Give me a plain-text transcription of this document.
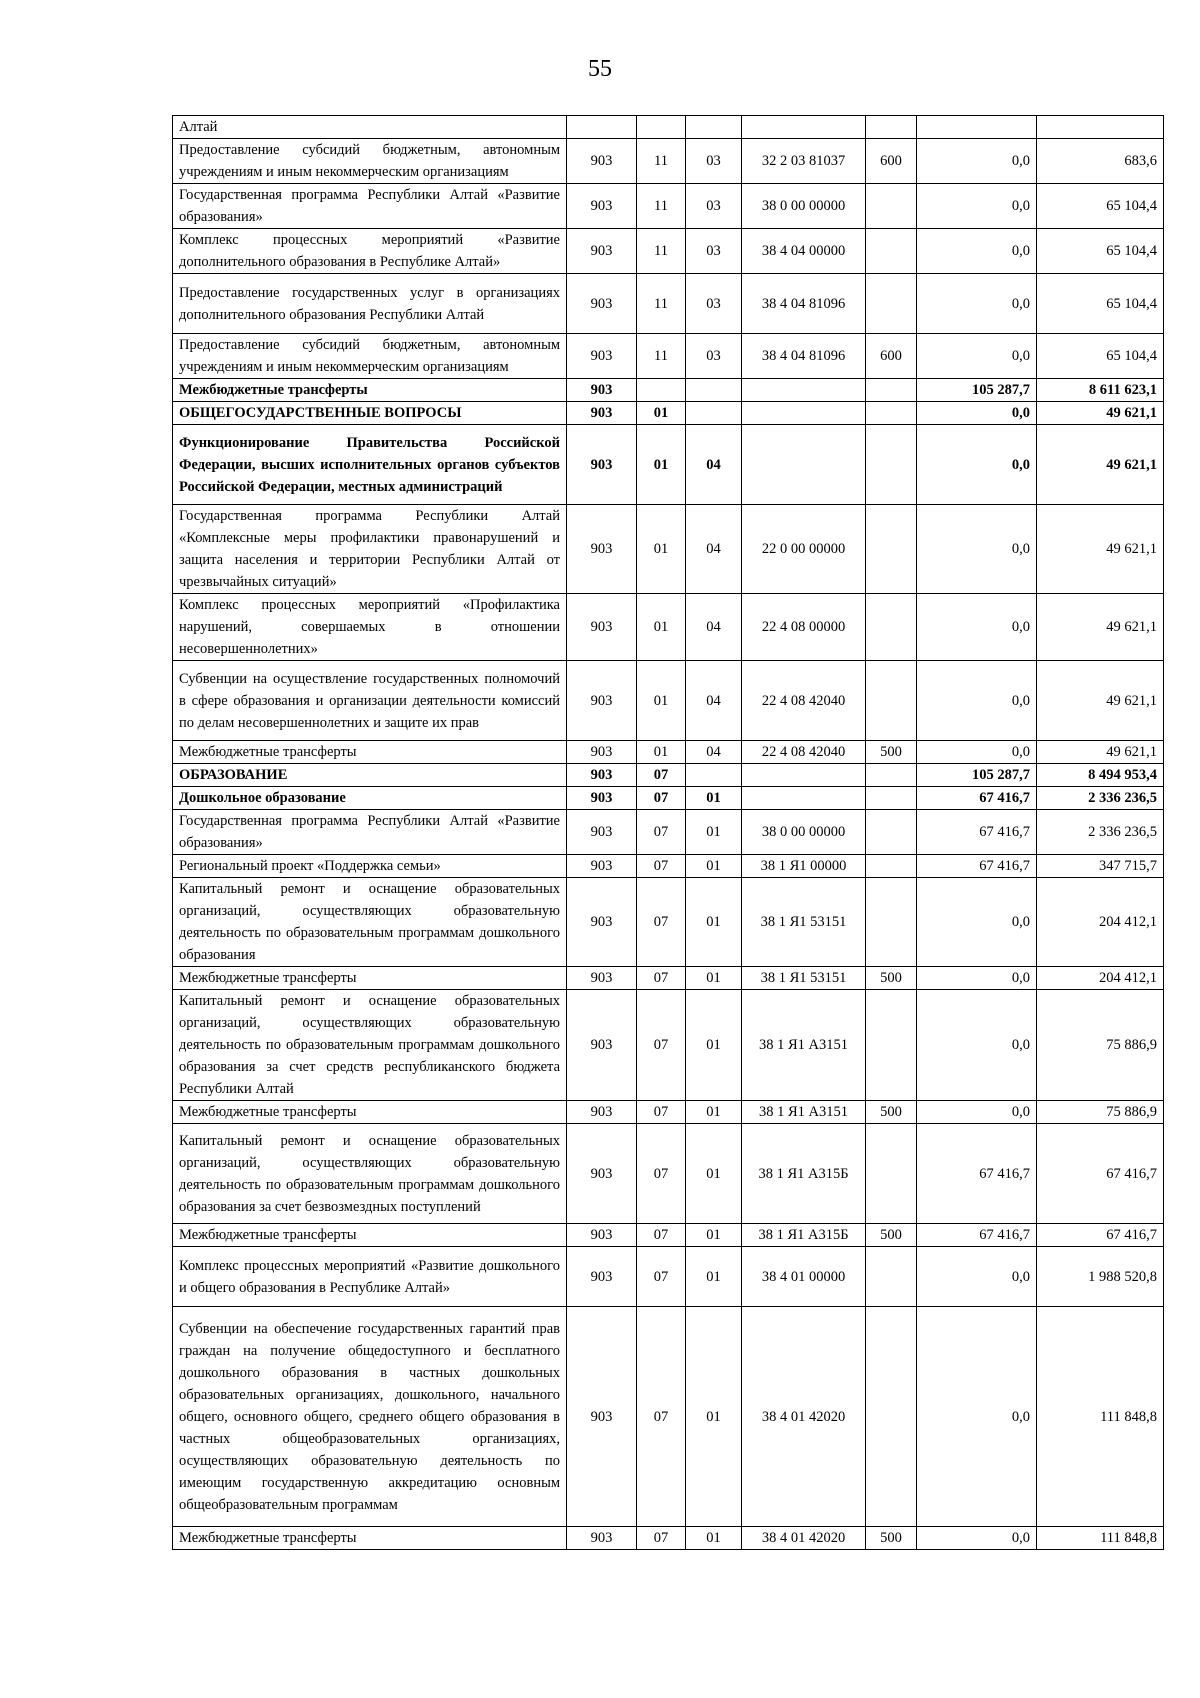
55
Алтай							
Предоставление субсидий бюджетным, автономным учреждениям и иным некоммерческим организациям	903	11	03	32 2 03 81037	600	0,0	683,6
Государственная программа Республики Алтай «Развитие образования»	903	11	03	38 0 00 00000		0,0	65 104,4
Комплекс процессных мероприятий «Развитие дополнительного образования в Республике Алтай»	903	11	03	38 4 04 00000		0,0	65 104,4
Предоставление государственных услуг в организациях дополнительного образования Республики Алтай	903	11	03	38 4 04 81096		0,0	65 104,4
Предоставление субсидий бюджетным, автономным учреждениям и иным некоммерческим организациям	903	11	03	38 4 04 81096	600	0,0	65 104,4
Межбюджетные трансферты	903					105 287,7	8 611 623,1
ОБЩЕГОСУДАРСТВЕННЫЕ ВОПРОСЫ	903	01				0,0	49 621,1
Функционирование Правительства Российской Федерации, высших исполнительных органов субъектов Российской Федерации, местных администраций	903	01	04			0,0	49 621,1
Государственная программа Республики Алтай «Комплексные меры профилактики правонарушений и защита населения и территории Республики Алтай от чрезвычайных ситуаций»	903	01	04	22 0 00 00000		0,0	49 621,1
Комплекс процессных мероприятий «Профилактика нарушений, совершаемых в отношении несовершеннолетних»	903	01	04	22 4 08 00000		0,0	49 621,1
Субвенции на осуществление государственных полномочий в сфере образования и организации деятельности комиссий по делам несовершеннолетних и защите их прав	903	01	04	22 4 08 42040		0,0	49 621,1
Межбюджетные трансферты	903	01	04	22 4 08 42040	500	0,0	49 621,1
ОБРАЗОВАНИЕ	903	07				105 287,7	8 494 953,4
Дошкольное образование	903	07	01			67 416,7	2 336 236,5
Государственная программа Республики Алтай «Развитие образования»	903	07	01	38 0 00 00000		67 416,7	2 336 236,5
Региональный проект «Поддержка семьи»	903	07	01	38 1 Я1 00000		67 416,7	347 715,7
Капитальный ремонт и оснащение образовательных организаций, осуществляющих образовательную деятельность по образовательным программам дошкольного образования	903	07	01	38 1 Я1 53151		0,0	204 412,1
Межбюджетные трансферты	903	07	01	38 1 Я1 53151	500	0,0	204 412,1
Капитальный ремонт и оснащение образовательных организаций, осуществляющих образовательную деятельность по образовательным программам дошкольного образования за счет средств республиканского бюджета Республики Алтай	903	07	01	38 1 Я1 А3151		0,0	75 886,9
Межбюджетные трансферты	903	07	01	38 1 Я1 А3151	500	0,0	75 886,9
Капитальный ремонт и оснащение образовательных организаций, осуществляющих образовательную деятельность по образовательным программам дошкольного образования за счет безвозмездных поступлений	903	07	01	38 1 Я1 А315Б		67 416,7	67 416,7
Межбюджетные трансферты	903	07	01	38 1 Я1 А315Б	500	67 416,7	67 416,7
Комплекс процессных мероприятий «Развитие дошкольного и общего образования в Республике Алтай»	903	07	01	38 4 01 00000		0,0	1 988 520,8
Субвенции на обеспечение государственных гарантий прав граждан на получение общедоступного и бесплатного дошкольного образования в частных дошкольных образовательных организациях, дошкольного, начального общего, основного общего, среднего общего образования в частных общеобразовательных организациях, осуществляющих образовательную деятельность по имеющим государственную аккредитацию основным общеобразовательным программам	903	07	01	38 4 01 42020		0,0	111 848,8
Межбюджетные трансферты	903	07	01	38 4 01 42020	500	0,0	111 848,8
